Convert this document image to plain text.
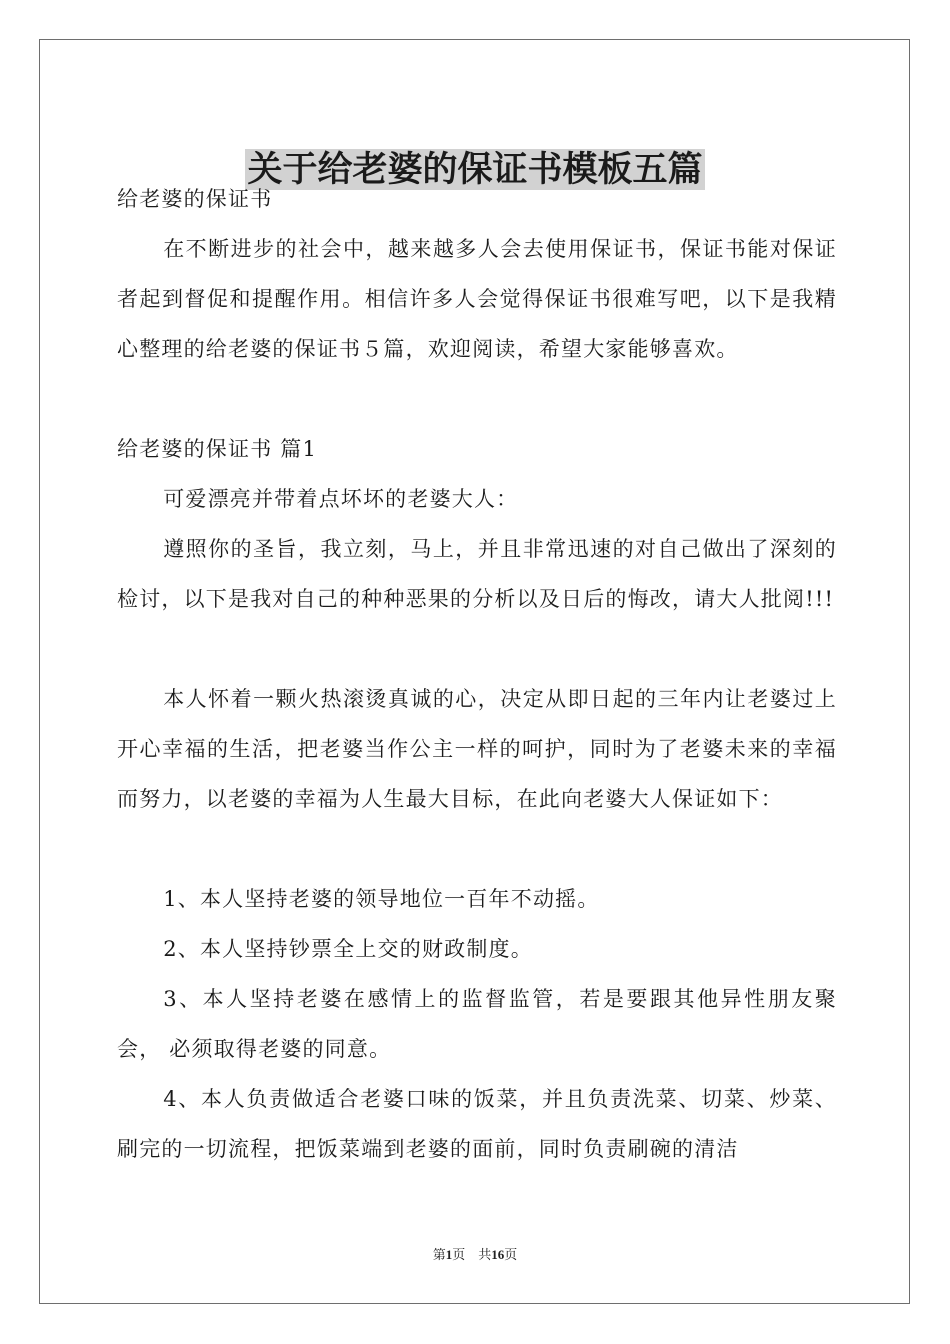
关于给老婆的保证书模板五篇

给老婆的保证书

在不断进步的社会中，越来越多人会去使用保证书，保证书能对保证者起到督促和提醒作用。相信许多人会觉得保证书很难写吧，以下是我精心整理的给老婆的保证书５篇，欢迎阅读，希望大家能够喜欢。

给老婆的保证书 篇1

可爱漂亮并带着点坏坏的老婆大人：

遵照你的圣旨，我立刻，马上，并且非常迅速的对自己做出了深刻的检讨，以下是我对自己的种种恶果的分析以及日后的悔改，请大人批阅!!!

本人怀着一颗火热滚烫真诚的心，决定从即日起的三年内让老婆过上开心幸福的生活，把老婆当作公主一样的呵护，同时为了老婆未来的幸福而努力，以老婆的幸福为人生最大目标，在此向老婆大人保证如下：

1、本人坚持老婆的领导地位一百年不动摇。

2、本人坚持钞票全上交的财政制度。

3、本人坚持老婆在感情上的监督监管，若是要跟其他异性朋友聚会， 必须取得老婆的同意。

4、本人负责做适合老婆口味的饭菜，并且负责洗菜、切菜、炒菜、刷完的一切流程，把饭菜端到老婆的面前，同时负责刷碗的清洁

第1页　共16页
